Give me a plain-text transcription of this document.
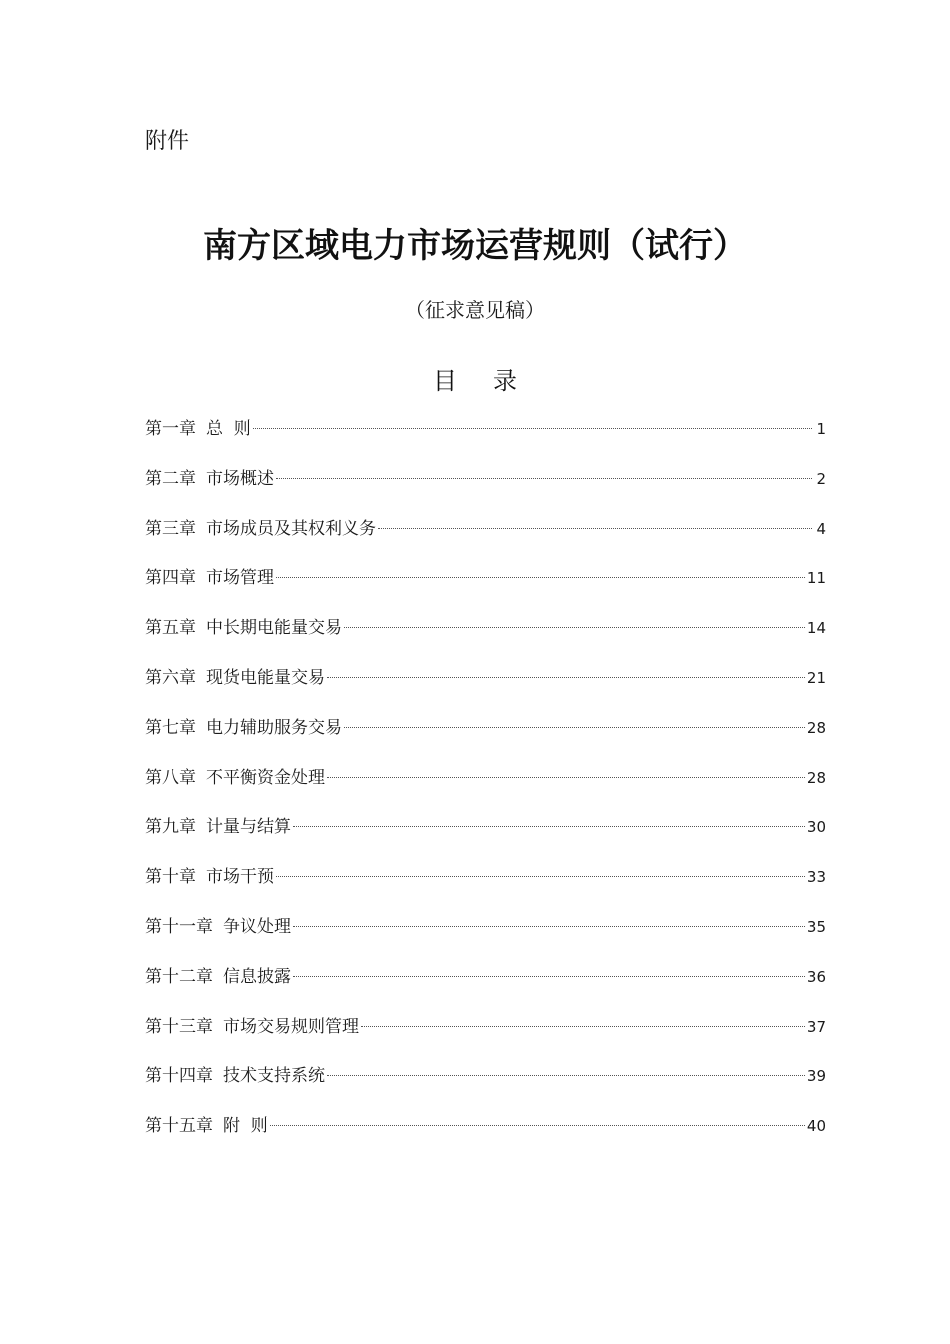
附件
南方区域电力市场运营规则（试行）
（征求意见稿）
目 录
第一章 总  则	1
第二章 市场概述	2
第三章 市场成员及其权利义务	4
第四章 市场管理	11
第五章 中长期电能量交易	14
第六章 现货电能量交易	21
第七章 电力辅助服务交易	28
第八章 不平衡资金处理	28
第九章 计量与结算	30
第十章 市场干预	33
第十一章 争议处理	35
第十二章 信息披露	36
第十三章 市场交易规则管理	37
第十四章 技术支持系统	39
第十五章 附  则	40
